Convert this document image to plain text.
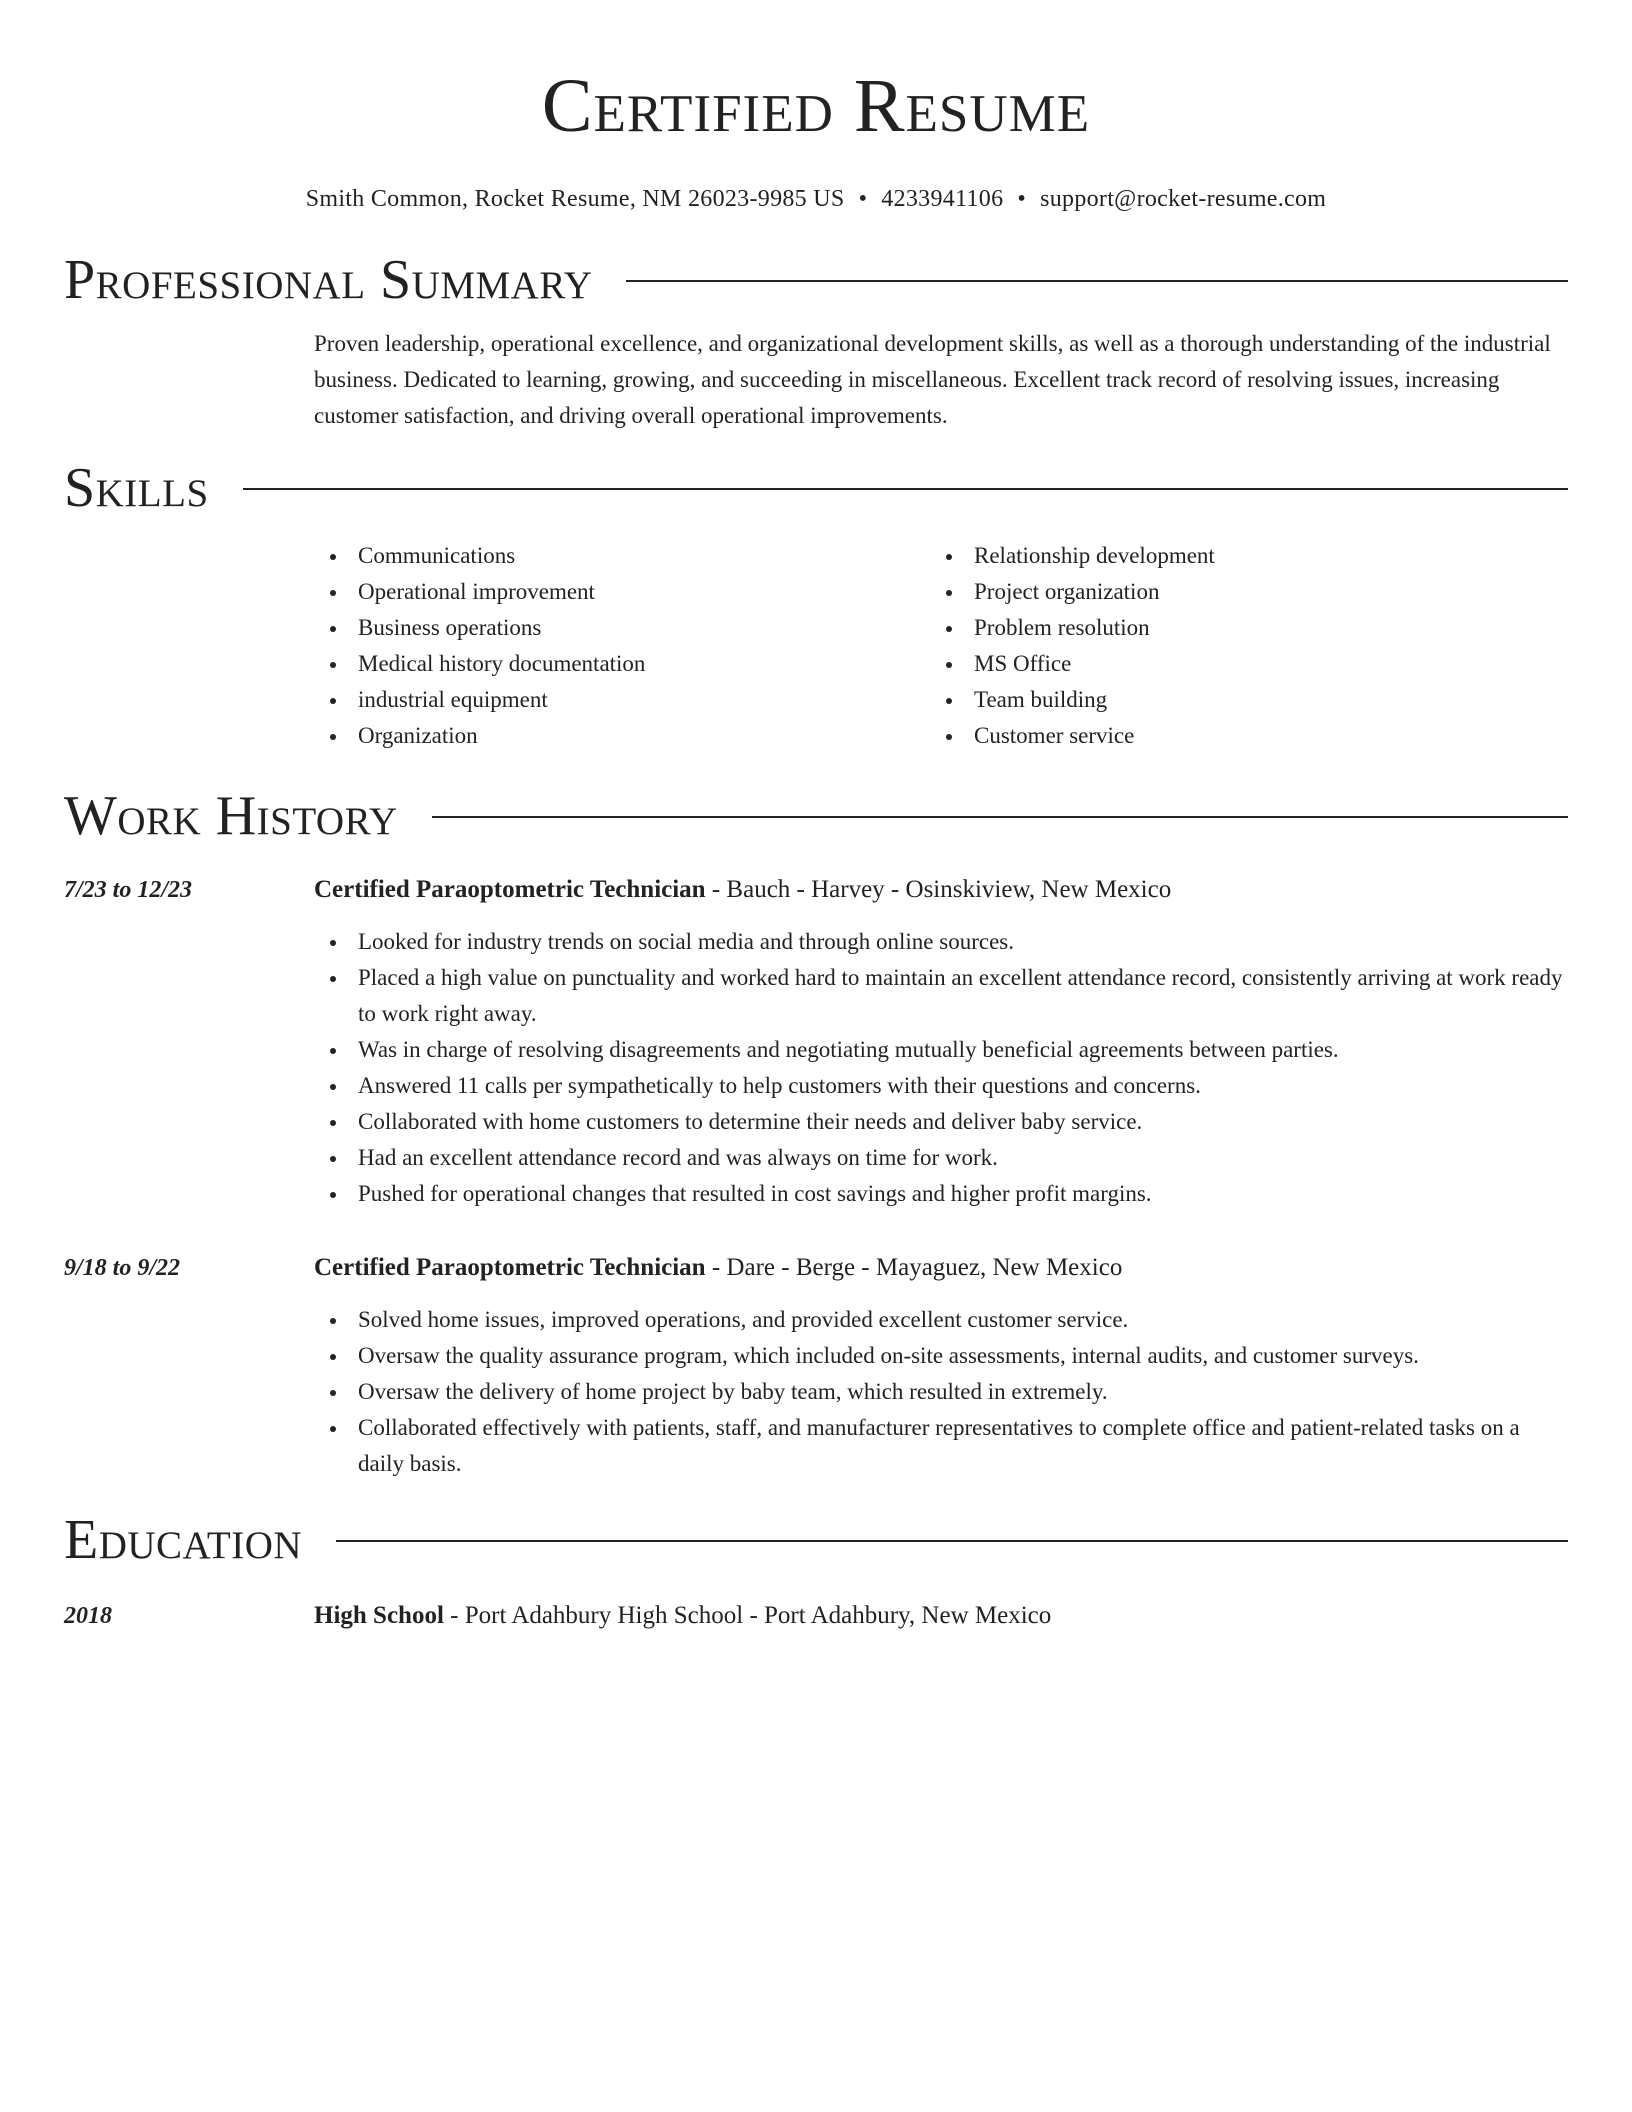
Certified Resume
Smith Common, Rocket Resume, NM 26023-9985 US • 4233941106 • support@rocket-resume.com
Professional Summary
Proven leadership, operational excellence, and organizational development skills, as well as a thorough understanding of the industrial business. Dedicated to learning, growing, and succeeding in miscellaneous. Excellent track record of resolving issues, increasing customer satisfaction, and driving overall operational improvements.
Skills
Communications
Operational improvement
Business operations
Medical history documentation
industrial equipment
Organization
Relationship development
Project organization
Problem resolution
MS Office
Team building
Customer service
Work History
7/23 to 12/23	Certified Paraoptometric Technician - Bauch - Harvey - Osinskiview, New Mexico
Looked for industry trends on social media and through online sources.
Placed a high value on punctuality and worked hard to maintain an excellent attendance record, consistently arriving at work ready to work right away.
Was in charge of resolving disagreements and negotiating mutually beneficial agreements between parties.
Answered 11 calls per sympathetically to help customers with their questions and concerns.
Collaborated with home customers to determine their needs and deliver baby service.
Had an excellent attendance record and was always on time for work.
Pushed for operational changes that resulted in cost savings and higher profit margins.
9/18 to 9/22	Certified Paraoptometric Technician - Dare - Berge - Mayaguez, New Mexico
Solved home issues, improved operations, and provided excellent customer service.
Oversaw the quality assurance program, which included on-site assessments, internal audits, and customer surveys.
Oversaw the delivery of home project by baby team, which resulted in extremely.
Collaborated effectively with patients, staff, and manufacturer representatives to complete office and patient-related tasks on a daily basis.
Education
2018	High School - Port Adahbury High School - Port Adahbury, New Mexico
